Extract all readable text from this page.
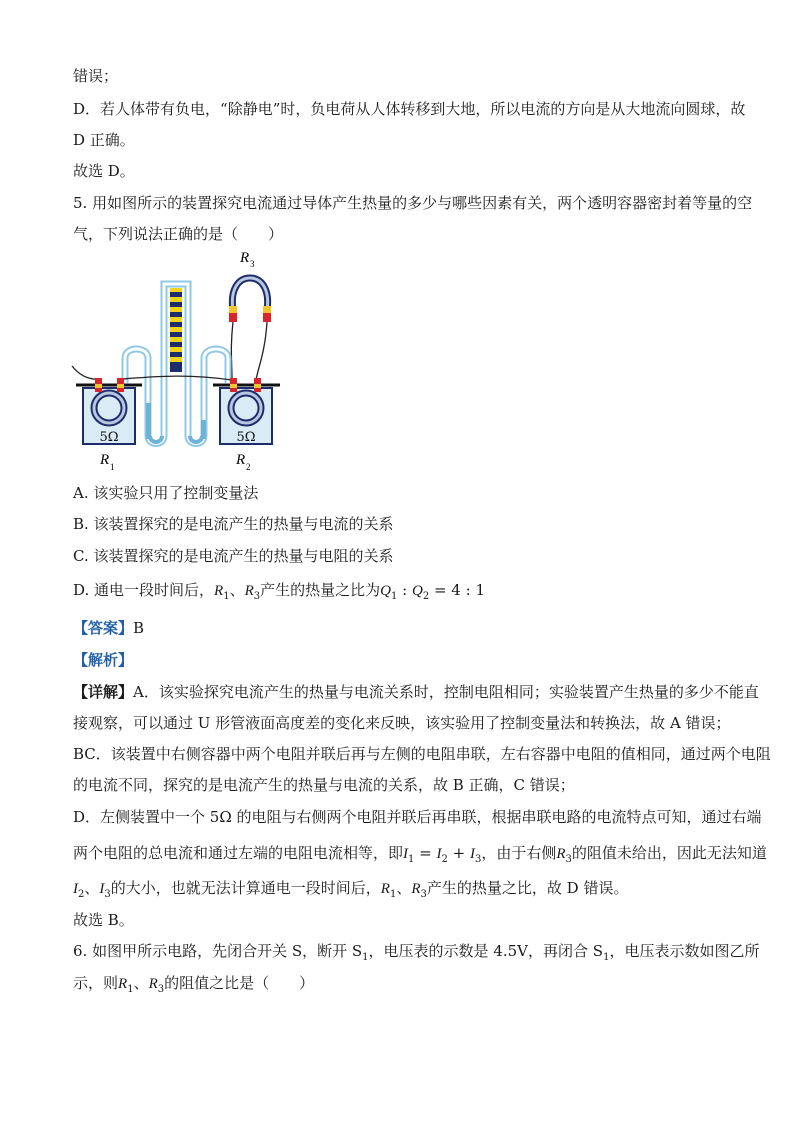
错误；
D．若人体带有负电，“除静电”时，负电荷从人体转移到大地，所以电流的方向是从大地流向圆球，故
D 正确。
故选 D。
5. 用如图所示的装置探究电流通过导体产生热量的多少与哪些因素有关，两个透明容器密封着等量的空
气，下列说法正确的是（　　）
R 3
5Ω	5Ω
R 1	R 2
A. 该实验只用了控制变量法
B. 该装置探究的是电流产生的热量与电流的关系
C. 该装置探究的是电流产生的热量与电阻的关系
D. 通电一段时间后，$R_1$、$R_3$产生的热量之比为$Q_1$ : $Q_2 = 4$ : 1
【答案】B
【解析】
【详解】A．该实验探究电流产生的热量与电流关系时，控制电阻相同；实验装置产生热量的多少不能直
接观察，可以通过 U 形管液面高度差的变化来反映，该实验用了控制变量法和转换法，故 A 错误；
BC．该装置中右侧容器中两个电阻并联后再与左侧的电阻串联，左右容器中电阻的值相同，通过两个电阻
的电流不同，探究的是电流产生的热量与电流的关系，故 B 正确，C 错误；
D．左侧装置中一个 5Ω 的电阻与右侧两个电阻并联后再串联，根据串联电路的电流特点可知，通过右端
两个电阻的总电流和通过左端的电阻电流相等，即$I_1 = I_2 + I_3$，由于右侧$R_3$的阻值未给出，因此无法知道
$I_2$、$I_3$的大小，也就无法计算通电一段时间后，$R_1$、$R_3$产生的热量之比，故 D 错误。
故选 B。
6. 如图甲所示电路，先闭合开关 S，断开 $S_1$，电压表的示数是 4.5V，再闭合 $S_1$，电压表示数如图乙所
示，则$R_1$、$R_3$的阻值之比是（　　）
